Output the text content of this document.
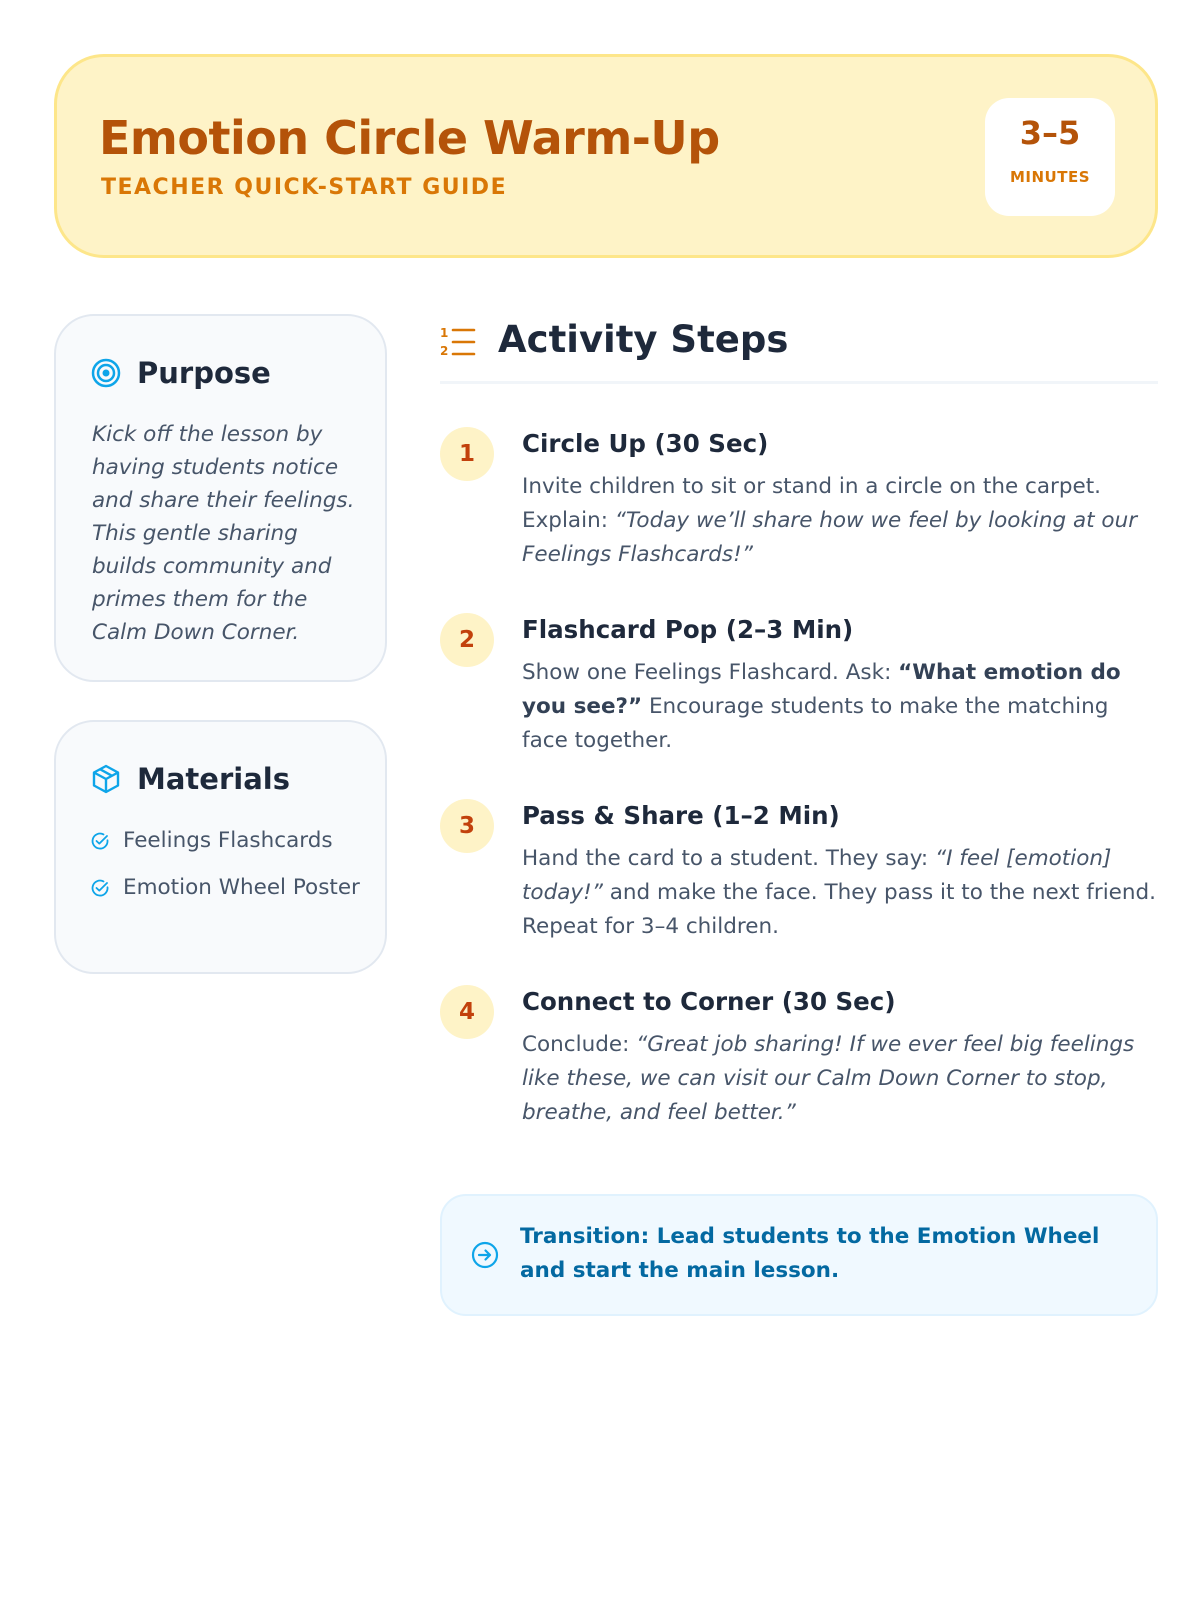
Emotion Circle Warm-Up
TEACHER QUICK-START GUIDE
3–5
MINUTES
Purpose

Kick off the lesson by having students notice and share their feelings. This gentle sharing builds community and primes them for the Calm Down Corner.

Materials
Feelings Flashcards
Emotion Wheel Poster
1
2 Activity Steps
1	Circle Up (30 Sec)
Invite children to sit or stand in a circle on the carpet. Explain: “Today we’ll share how we feel by looking at our Feelings Flashcards!”
2	Flashcard Pop (2–3 Min)
Show one Feelings Flashcard. Ask: “What emotion do you see?” Encourage students to make the matching face together.
3	Pass & Share (1–2 Min)
Hand the card to a student. They say: “I feel [emotion] today!” and make the face. They pass it to the next friend. Repeat for 3–4 children.
4	Connect to Corner (30 Sec)
Conclude: “Great job sharing! If we ever feel big feelings like these, we can visit our Calm Down Corner to stop, breathe, and feel better.”
Transition: Lead students to the Emotion Wheel and start the main lesson.
